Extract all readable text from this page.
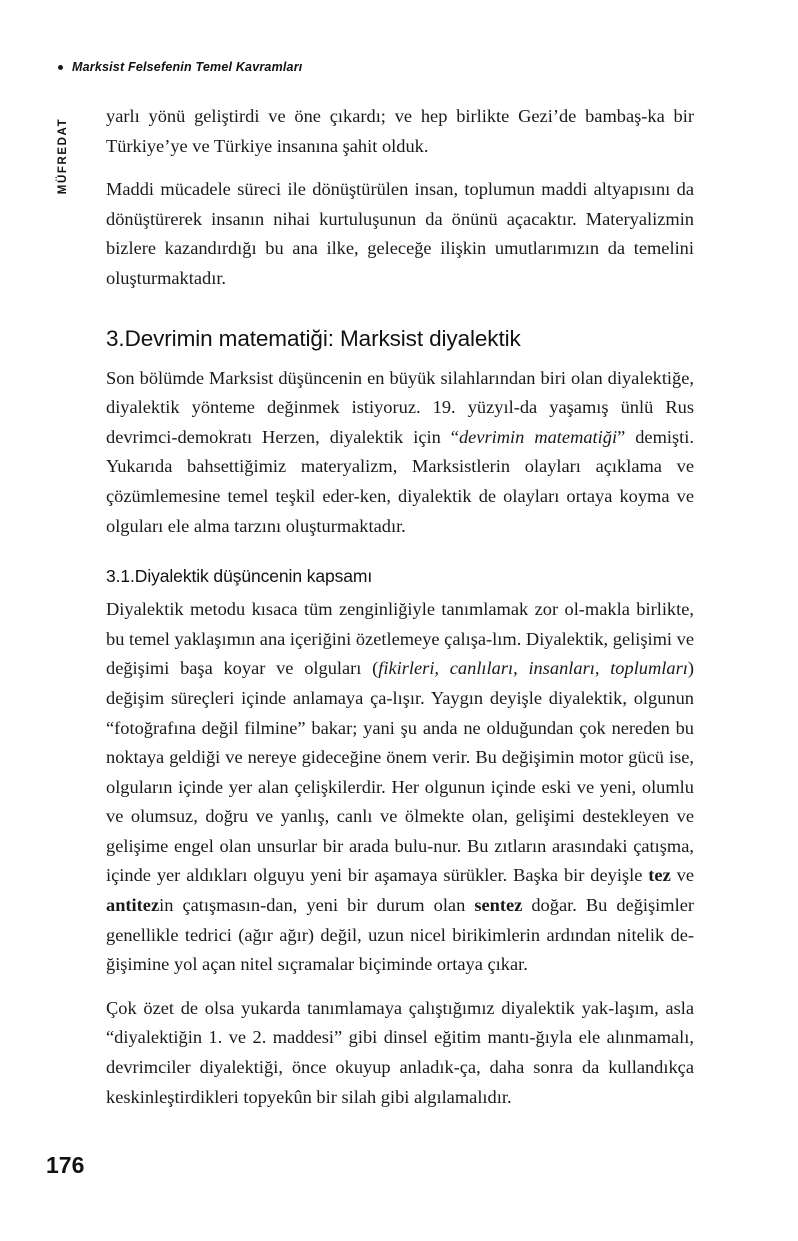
Marksist Felsefenin Temel Kavramları
MÜFREDAT

yarlı yönü geliştirdi ve öne çıkardı; ve hep birlikte Gezi’de bambaş-ka bir Türkiye’ye ve Türkiye insanına şahit olduk.

Maddi mücadele süreci ile dönüştürülen insan, toplumun maddi altyapısını da dönüştürerek insanın nihai kurtuluşunun da önünü açacaktır. Materyalizmin bizlere kazandırdığı bu ana ilke, geleceğe ilişkin umutlarımızın da temelini oluşturmaktadır.

3.Devrimin matematiği: Marksist diyalektik

Son bölümde Marksist düşüncenin en büyük silahlarından biri olan diyalektiğe, diyalektik yönteme değinmek istiyoruz. 19. yüzyıl-da yaşamış ünlü Rus devrimci-demokratı Herzen, diyalektik için “devrimin matematiği” demişti. Yukarıda bahsettiğimiz materyalizm, Marksistlerin olayları açıklama ve çözümlemesine temel teşkil eder-ken, diyalektik de olayları ortaya koyma ve olguları ele alma tarzını oluşturmaktadır.

3.1.Diyalektik düşüncenin kapsamı

Diyalektik metodu kısaca tüm zenginliğiyle tanımlamak zor ol-makla birlikte, bu temel yaklaşımın ana içeriğini özetlemeye çalışa-lım. Diyalektik, gelişimi ve değişimi başa koyar ve olguları (fikirleri, canlıları, insanları, toplumları) değişim süreçleri içinde anlamaya ça-lışır. Yaygın deyişle diyalektik, olgunun “fotoğrafına değil filmine” bakar; yani şu anda ne olduğundan çok nereden bu noktaya geldiği ve nereye gideceğine önem verir. Bu değişimin motor gücü ise, olguların içinde yer alan çelişkilerdir. Her olgunun içinde eski ve yeni, olumlu ve olumsuz, doğru ve yanlış, canlı ve ölmekte olan, gelişimi destekleyen ve gelişime engel olan unsurlar bir arada bulu-nur. Bu zıtların arasındaki çatışma, içinde yer aldıkları olguyu yeni bir aşamaya sürükler. Başka bir deyişle tez ve antitezin çatışmasın-dan, yeni bir durum olan sentez doğar. Bu değişimler genellikle tedrici (ağır ağır) değil, uzun nicel birikimlerin ardından nitelik de-ğişimine yol açan nitel sıçramalar biçiminde ortaya çıkar.

Çok özet de olsa yukarda tanımlamaya çalıştığımız diyalektik yak-laşım, asla “diyalektiğin 1. ve 2. maddesi” gibi dinsel eğitim mantı-ğıyla ele alınmamalı, devrimciler diyalektiği, önce okuyup anladık-ça, daha sonra da kullandıkça keskinleştirdikleri topyekûn bir silah gibi algılamalıdır.

176
